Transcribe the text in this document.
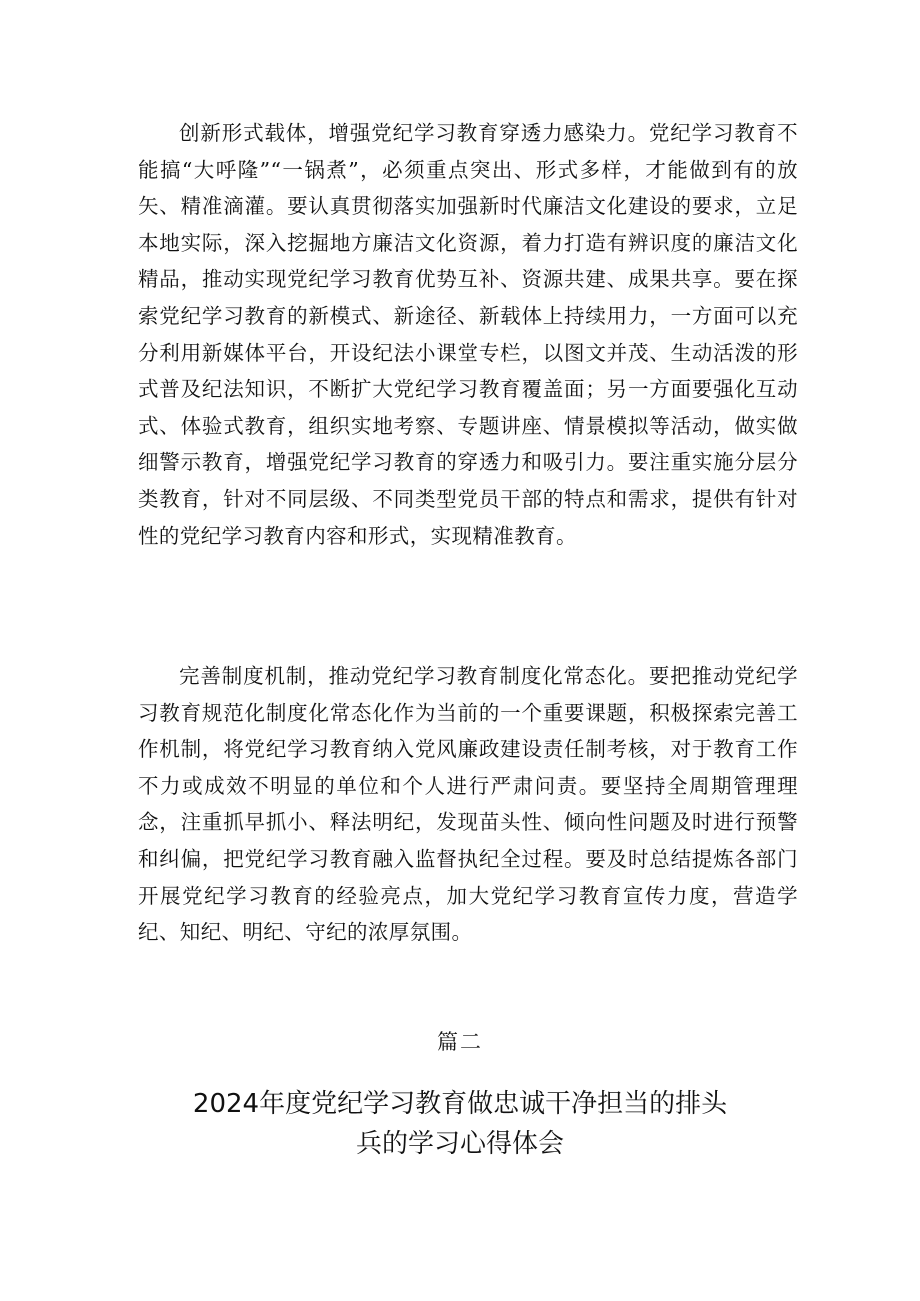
创新形式载体，增强党纪学习教育穿透力感染力。党纪学习教育不能搞“大呼隆”“一锅煮”，必须重点突出、形式多样，才能做到有的放矢、精准滴灌。要认真贯彻落实加强新时代廉洁文化建设的要求，立足本地实际，深入挖掘地方廉洁文化资源，着力打造有辨识度的廉洁文化精品，推动实现党纪学习教育优势互补、资源共建、成果共享。要在探索党纪学习教育的新模式、新途径、新载体上持续用力，一方面可以充分利用新媒体平台，开设纪法小课堂专栏，以图文并茂、生动活泼的形式普及纪法知识，不断扩大党纪学习教育覆盖面；另一方面要强化互动式、体验式教育，组织实地考察、专题讲座、情景模拟等活动，做实做细警示教育，增强党纪学习教育的穿透力和吸引力。要注重实施分层分类教育，针对不同层级、不同类型党员干部的特点和需求，提供有针对性的党纪学习教育内容和形式，实现精准教育。

完善制度机制，推动党纪学习教育制度化常态化。要把推动党纪学习教育规范化制度化常态化作为当前的一个重要课题，积极探索完善工作机制，将党纪学习教育纳入党风廉政建设责任制考核，对于教育工作不力或成效不明显的单位和个人进行严肃问责。要坚持全周期管理理念，注重抓早抓小、释法明纪，发现苗头性、倾向性问题及时进行预警和纠偏，把党纪学习教育融入监督执纪全过程。要及时总结提炼各部门开展党纪学习教育的经验亮点，加大党纪学习教育宣传力度，营造学纪、知纪、明纪、守纪的浓厚氛围。

篇二
2024年度党纪学习教育做忠诚干净担当的排头兵的学习心得体会
